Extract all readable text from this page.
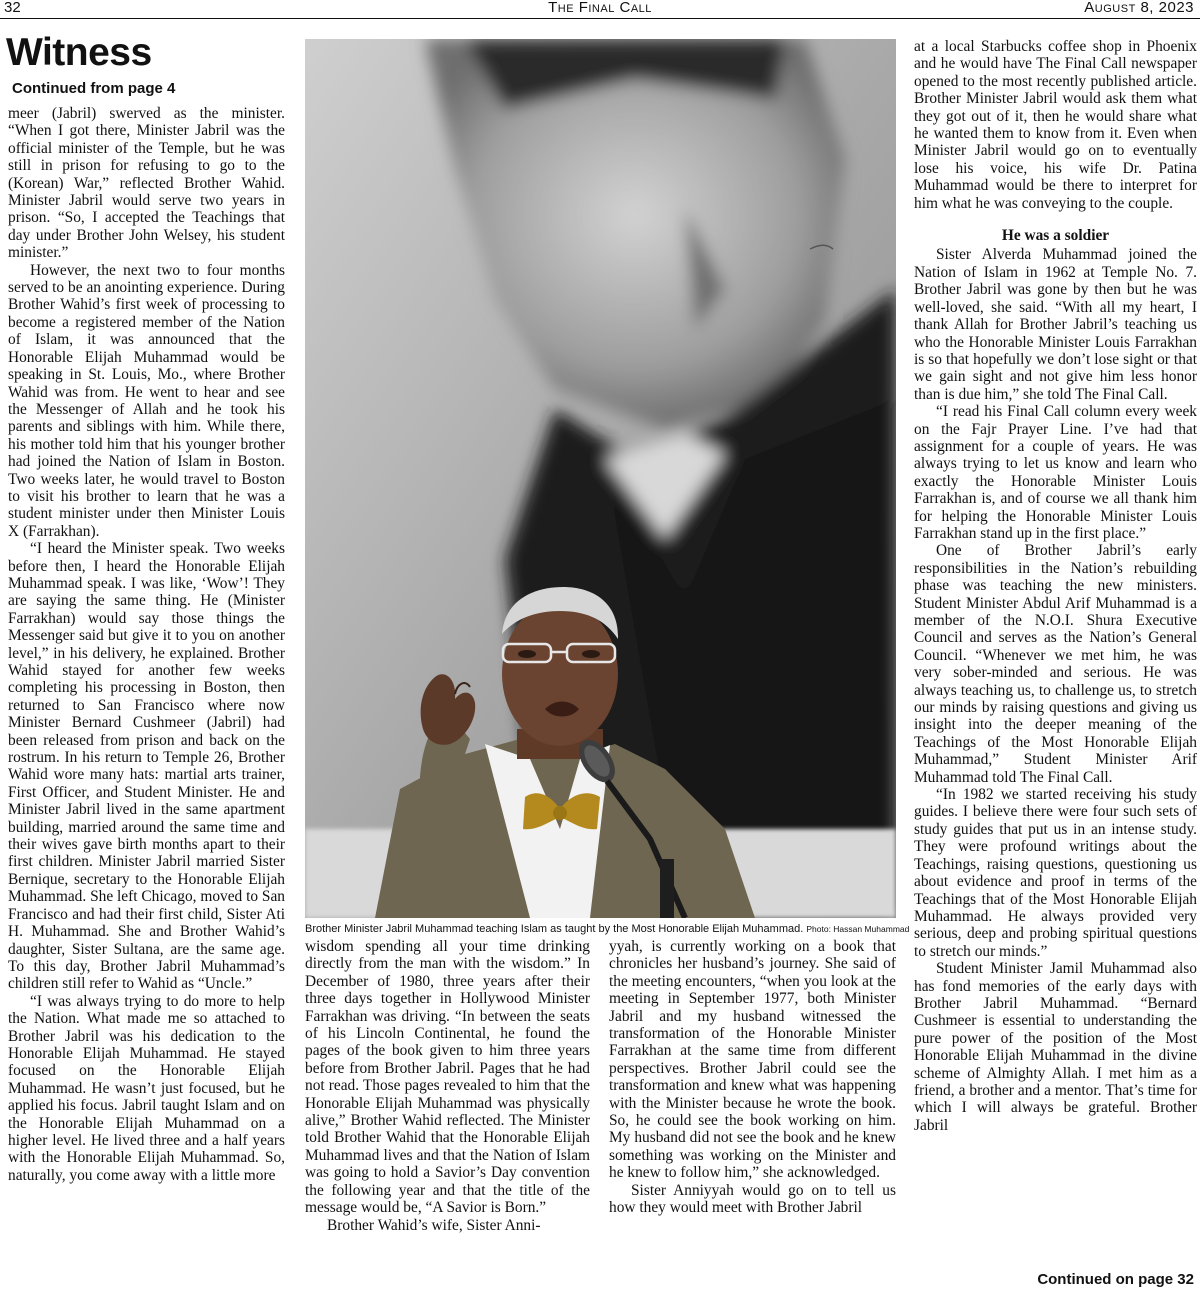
32	The Final Call	August 8, 2023
Witness
Continued from page 4

meer (Jabril) swerved as the minister. “When I got there, Minister Jabril was the official minister of the Temple, but he was still in prison for refusing to go to the (Korean) War,” reflected Brother Wahid. Minister Jabril would serve two years in prison. “So, I accepted the Teachings that day under Brother John Welsey, his student minister.”

However, the next two to four months served to be an anointing experience. During Brother Wahid’s first week of processing to become a registered member of the Nation of Islam, it was announced that the Honorable Elijah Muhammad would be speaking in St. Louis, Mo., where Brother Wahid was from. He went to hear and see the Messenger of Allah and he took his parents and siblings with him. While there, his mother told him that his younger brother had joined the Nation of Islam in Boston. Two weeks later, he would travel to Boston to visit his brother to learn that he was a student minister under then Minister Louis X (Farrakhan).

“I heard the Minister speak. Two weeks before then, I heard the Honorable Elijah Muhammad speak. I was like, ‘Wow’! They are saying the same thing. He (Minister Farrakhan) would say those things the Messenger said but give it to you on another level,” in his delivery, he explained. Brother Wahid stayed for another few weeks completing his processing in Boston, then returned to San Francisco where now Minister Bernard Cushmeer (Jabril) had been released from prison and back on the rostrum. In his return to Temple 26, Brother Wahid wore many hats: martial arts trainer, First Officer, and Student Minister. He and Minister Jabril lived in the same apartment building, married around the same time and their wives gave birth months apart to their first children. Minister Jabril married Sister Bernique, secretary to the Honorable Elijah Muhammad. She left Chicago, moved to San Francisco and had their first child, Sister Ati H. Muhammad. She and Brother Wahid’s daughter, Sister Sultana, are the same age. To this day, Brother Jabril Muhammad’s children still refer to Wahid as “Uncle.”

“I was always trying to do more to help the Nation. What made me so attached to Brother Jabril was his dedication to the Honorable Elijah Muhammad. He stayed focused on the Honorable Elijah Muhammad. He wasn’t just focused, but he applied his focus. Jabril taught Islam and on the Honorable Elijah Muhammad on a higher level. He lived three and a half years with the Honorable Elijah Muhammad. So, naturally, you come away with a little more

Brother Minister Jabril Muhammad teaching Islam as taught by the Most Honorable Elijah Muhammad. Photo: Hassan Muhammad

wisdom spending all your time drinking directly from the man with the wisdom.” In December of 1980, three years after their three days together in Hollywood Minister Farrakhan was driving. “In between the seats of his Lincoln Continental, he found the pages of the book given to him three years before from Brother Jabril. Pages that he had not read. Those pages revealed to him that the Honorable Elijah Muhammad was physically alive,” Brother Wahid reflected. The Minister told Brother Wahid that the Honorable Elijah Muhammad lives and that the Nation of Islam was going to hold a Savior’s Day convention the following year and that the title of the message would be, “A Savior is Born.”

Brother Wahid’s wife, Sister Anni-

yyah, is currently working on a book that chronicles her husband’s journey. She said of the meeting encounters, “when you look at the meeting in September 1977, both Minister Jabril and my husband witnessed the transformation of the Honorable Minister Farrakhan at the same time from different perspectives. Brother Jabril could see the transformation and knew what was happening with the Minister because he wrote the book. So, he could see the book working on him. My husband did not see the book and he knew something was working on the Minister and he knew to follow him,” she acknowledged.

Sister Anniyyah would go on to tell us how they would meet with Brother Jabril

at a local Starbucks coffee shop in Phoenix and he would have The Final Call newspaper opened to the most recently published article. Brother Minister Jabril would ask them what they got out of it, then he would share what he wanted them to know from it. Even when Minister Jabril would go on to eventually lose his voice, his wife Dr. Patina Muhammad would be there to interpret for him what he was conveying to the couple.

He was a soldier

Sister Alverda Muhammad joined the Nation of Islam in 1962 at Temple No. 7. Brother Jabril was gone by then but he was well-loved, she said. “With all my heart, I thank Allah for Brother Jabril’s teaching us who the Honorable Minister Louis Farrakhan is so that hopefully we don’t lose sight or that we gain sight and not give him less honor than is due him,” she told The Final Call.

“I read his Final Call column every week on the Fajr Prayer Line. I’ve had that assignment for a couple of years. He was always trying to let us know and learn who exactly the Honorable Minister Louis Farrakhan is, and of course we all thank him for helping the Honorable Minister Louis Farrakhan stand up in the first place.”

One of Brother Jabril’s early responsibilities in the Nation’s rebuilding phase was teaching the new ministers. Student Minister Abdul Arif Muhammad is a member of the N.O.I. Shura Executive Council and serves as the Nation’s General Council. “Whenever we met him, he was very sober-minded and serious. He was always teaching us, to challenge us, to stretch our minds by raising questions and giving us insight into the deeper meaning of the Teachings of the Most Honorable Elijah Muhammad,” Student Minister Arif Muhammad told The Final Call.

“In 1982 we started receiving his study guides. I believe there were four such sets of study guides that put us in an intense study. They were profound writings about the Teachings, raising questions, questioning us about evidence and proof in terms of the Teachings that of the Most Honorable Elijah Muhammad. He always provided very serious, deep and probing spiritual questions to stretch our minds.”

Student Minister Jamil Muhammad also has fond memories of the early days with Brother Jabril Muhammad. “Bernard Cushmeer is essential to understanding the pure power of the position of the Most Honorable Elijah Muhammad in the divine scheme of Almighty Allah. I met him as a friend, a brother and a mentor. That’s time for which I will always be grateful. Brother Jabril

Continued on page 32
